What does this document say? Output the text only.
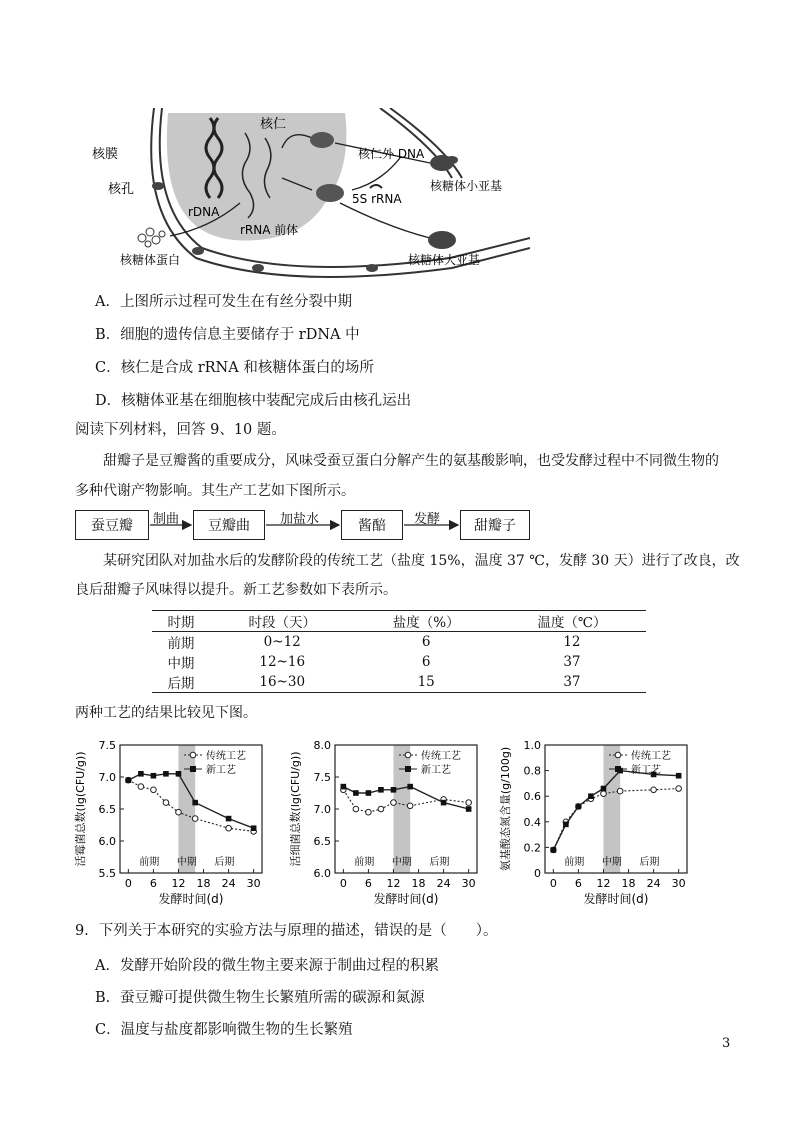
核仁
核膜
核孔
rDNA
rRNA 前体
核仁外 DNA
5S rRNA
核糖体小亚基
核糖体大亚基
核糖体蛋白
A．上图所示过程可发生在有丝分裂中期
B．细胞的遗传信息主要储存于 rDNA 中
C．核仁是合成 rRNA 和核糖体蛋白的场所
D．核糖体亚基在细胞核中装配完成后由核孔运出
阅读下列材料，回答 9、10 题。
甜瓣子是豆瓣酱的重要成分，风味受蚕豆蛋白分解产生的氨基酸影响，也受发酵过程中不同微生物的
多种代谢产物影响。其生产工艺如下图所示。
蚕豆瓣	豆瓣曲	酱醅	甜瓣子
制曲	加盐水	发酵
某研究团队对加盐水后的发酵阶段的传统工艺（盐度 15%，温度 37 ℃，发酵 30 天）进行了改良，改
良后甜瓣子风味得以提升。新工艺参数如下表所示。
时期	时段（天）	盐度（%）	温度（℃）
前期	0~12	6	12
中期	12~16	6	37
后期	16~30	15	37
两种工艺的结果比较见下图。
5.5
6.0
6.5
7.0
7.5
0 6 12 18 24 30
发酵时间(d)
活霉菌总数(lg(CFU/g))	前期 中期 后期
传统工艺
新工艺
6.0
6.5
7.0
7.5
8.0
0 6 12 18 24 30
发酵时间(d)
活细菌总数(lg(CFU/g))	前期 中期 后期
传统工艺
新工艺
0
0.2
0.4
0.6
0.8
1.0
0 6 12 18 24 30
发酵时间(d)
氨基酸态氮含量(g/100g)	前期 中期 后期
传统工艺
新工艺
9．下列关于本研究的实验方法与原理的描述，错误的是（　　）。
A．发酵开始阶段的微生物主要来源于制曲过程的积累
B．蚕豆瓣可提供微生物生长繁殖所需的碳源和氮源
C．温度与盐度都影响微生物的生长繁殖
3
